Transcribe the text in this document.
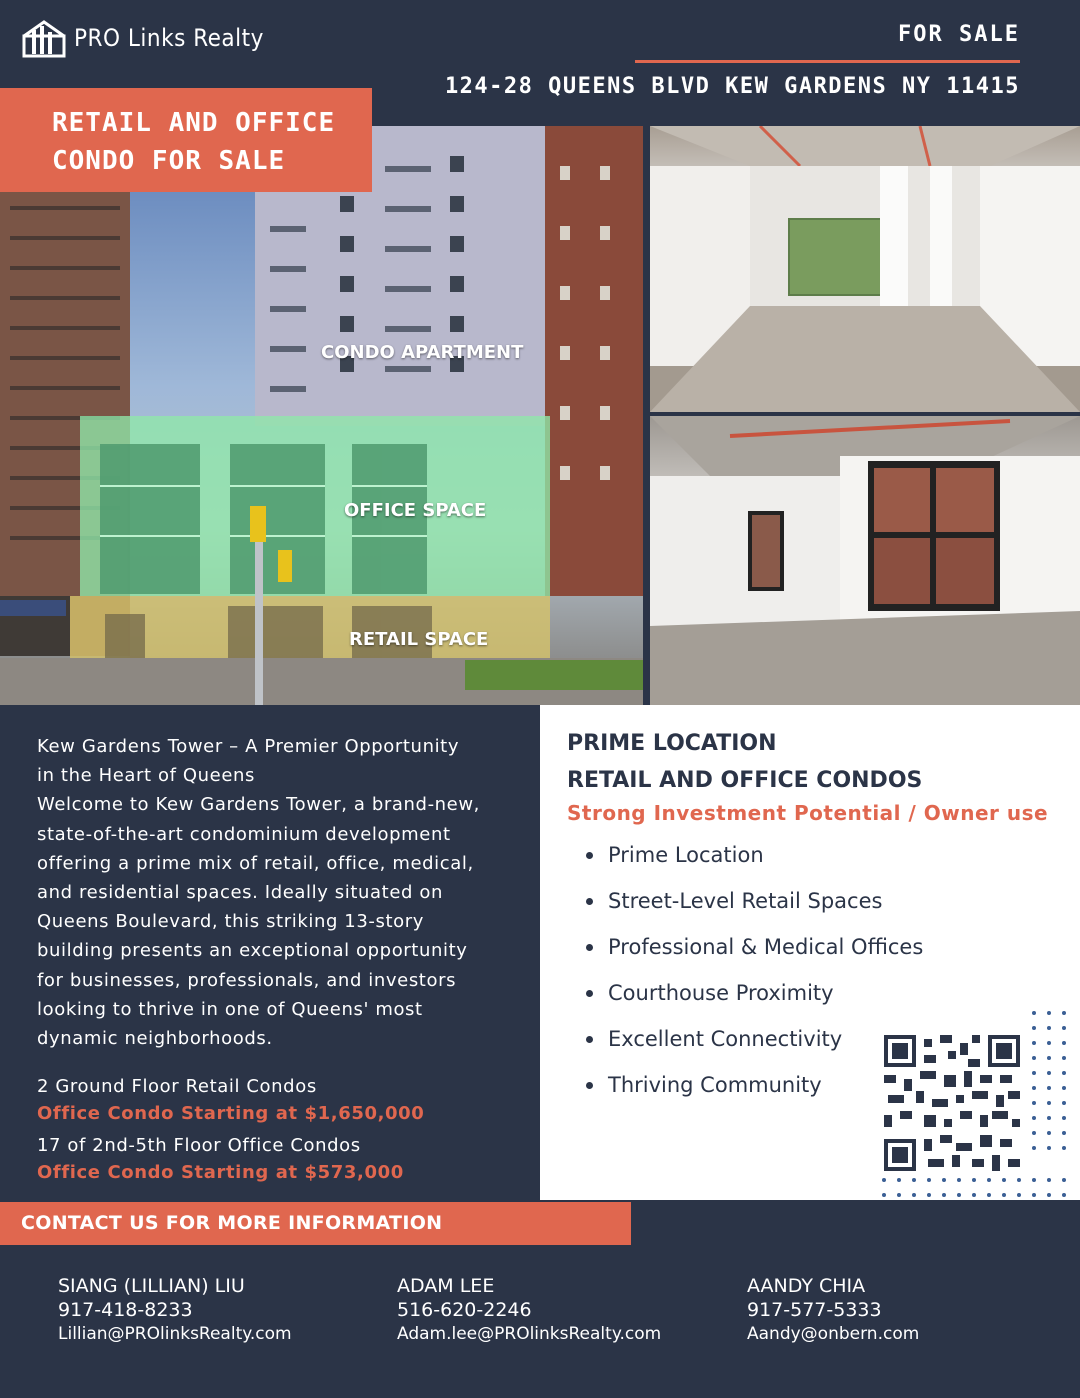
PRO Links Realty	FOR SALE
124-28 QUEENS BLVD KEW GARDENS NY 11415
RETAIL AND OFFICE
CONDO FOR SALE
CONDO APARTMENT
OFFICE SPACE
RETAIL SPACE
Kew Gardens Tower – A Premier Opportunity
in the Heart of Queens
Welcome to Kew Gardens Tower, a brand-new,
state-of-the-art condominium development
offering a prime mix of retail, office, medical,
and residential spaces. Ideally situated on
Queens Boulevard, this striking 13-story
building presents an exceptional opportunity
for businesses, professionals, and investors
looking to thrive in one of Queens' most
dynamic neighborhoods.
2 Ground Floor Retail Condos
Office Condo Starting at $1,650,000
17 of 2nd-5th Floor Office Condos
Office Condo Starting at $573,000
PRIME LOCATION
RETAIL AND OFFICE CONDOS
Strong Investment Potential / Owner use
Prime Location
Street-Level Retail Spaces
Professional & Medical Offices
Courthouse Proximity
Excellent Connectivity
Thriving Community
CONTACT US FOR MORE INFORMATION
SIANG (LILLIAN) LIU
917-418-8233
Lillian@PROlinksRealty.com
ADAM LEE
516-620-2246
Adam.lee@PROlinksRealty.com
AANDY CHIA
917-577-5333
Aandy@onbern.com
